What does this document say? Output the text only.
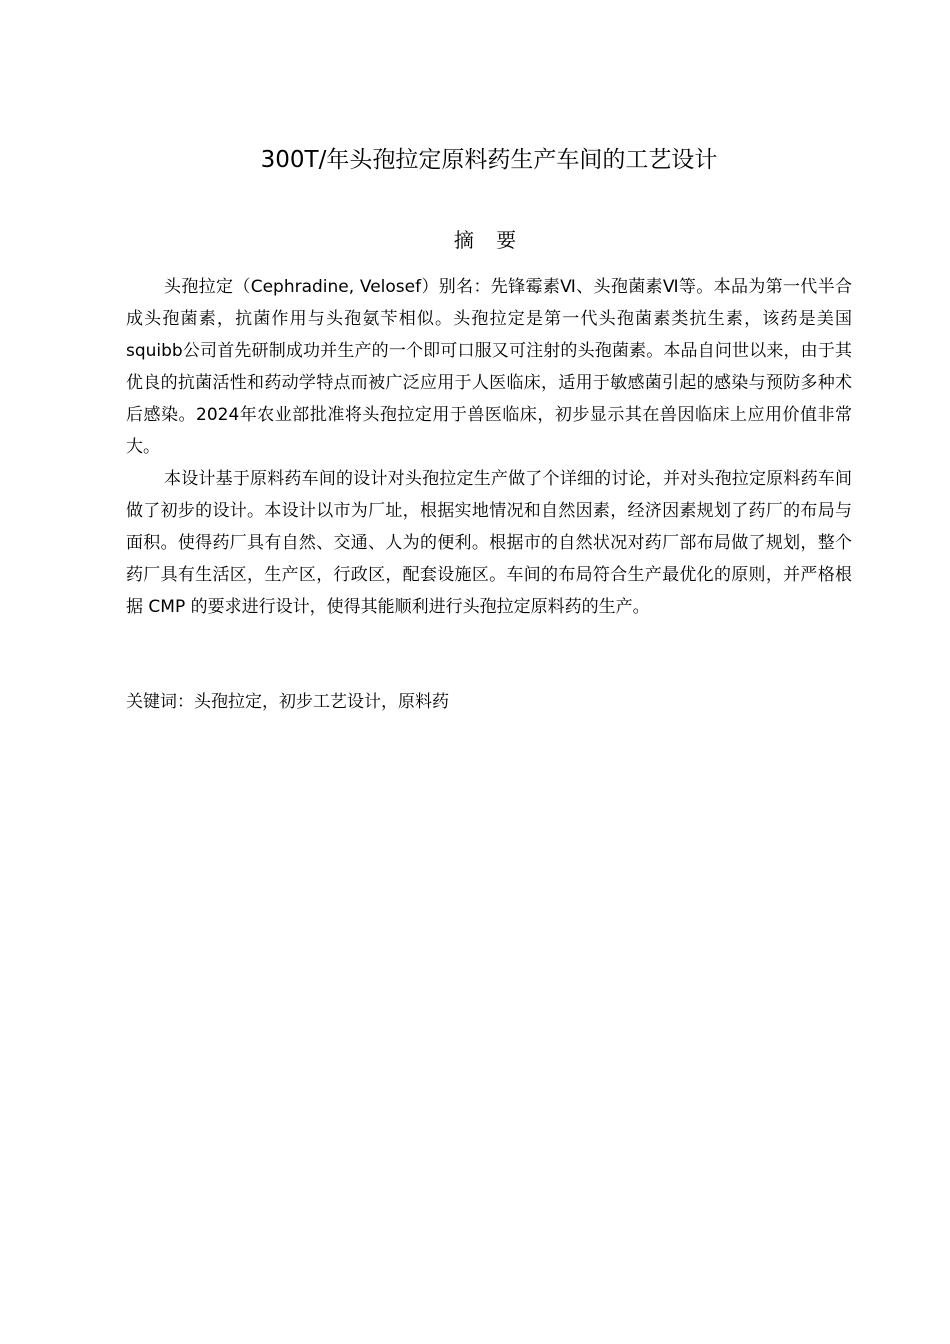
300T/年头孢拉定原料药生产车间的工艺设计
摘 要

头孢拉定（Cephradine, Velosef）别名：先锋霉素Ⅵ、头孢菌素Ⅵ等。本品为第一代半合成头孢菌素，抗菌作用与头孢氨苄相似。头孢拉定是第一代头孢菌素类抗生素，该药是美国squibb公司首先研制成功并生产的一个即可口服又可注射的头孢菌素。本品自问世以来，由于其优良的抗菌活性和药动学特点而被广泛应用于人医临床，适用于敏感菌引起的感染与预防多种术后感染。2024年农业部批准将头孢拉定用于兽医临床，初步显示其在兽因临床上应用价值非常大。

本设计基于原料药车间的设计对头孢拉定生产做了个详细的讨论，并对头孢拉定原料药车间做了初步的设计。本设计以市为厂址，根据实地情况和自然因素，经济因素规划了药厂的布局与面积。使得药厂具有自然、交通、人为的便利。根据市的自然状况对药厂部布局做了规划，整个药厂具有生活区，生产区，行政区，配套设施区。车间的布局符合生产最优化的原则，并严格根据 CMP 的要求进行设计，使得其能顺利进行头孢拉定原料药的生产。

关键词：头孢拉定，初步工艺设计，原料药
